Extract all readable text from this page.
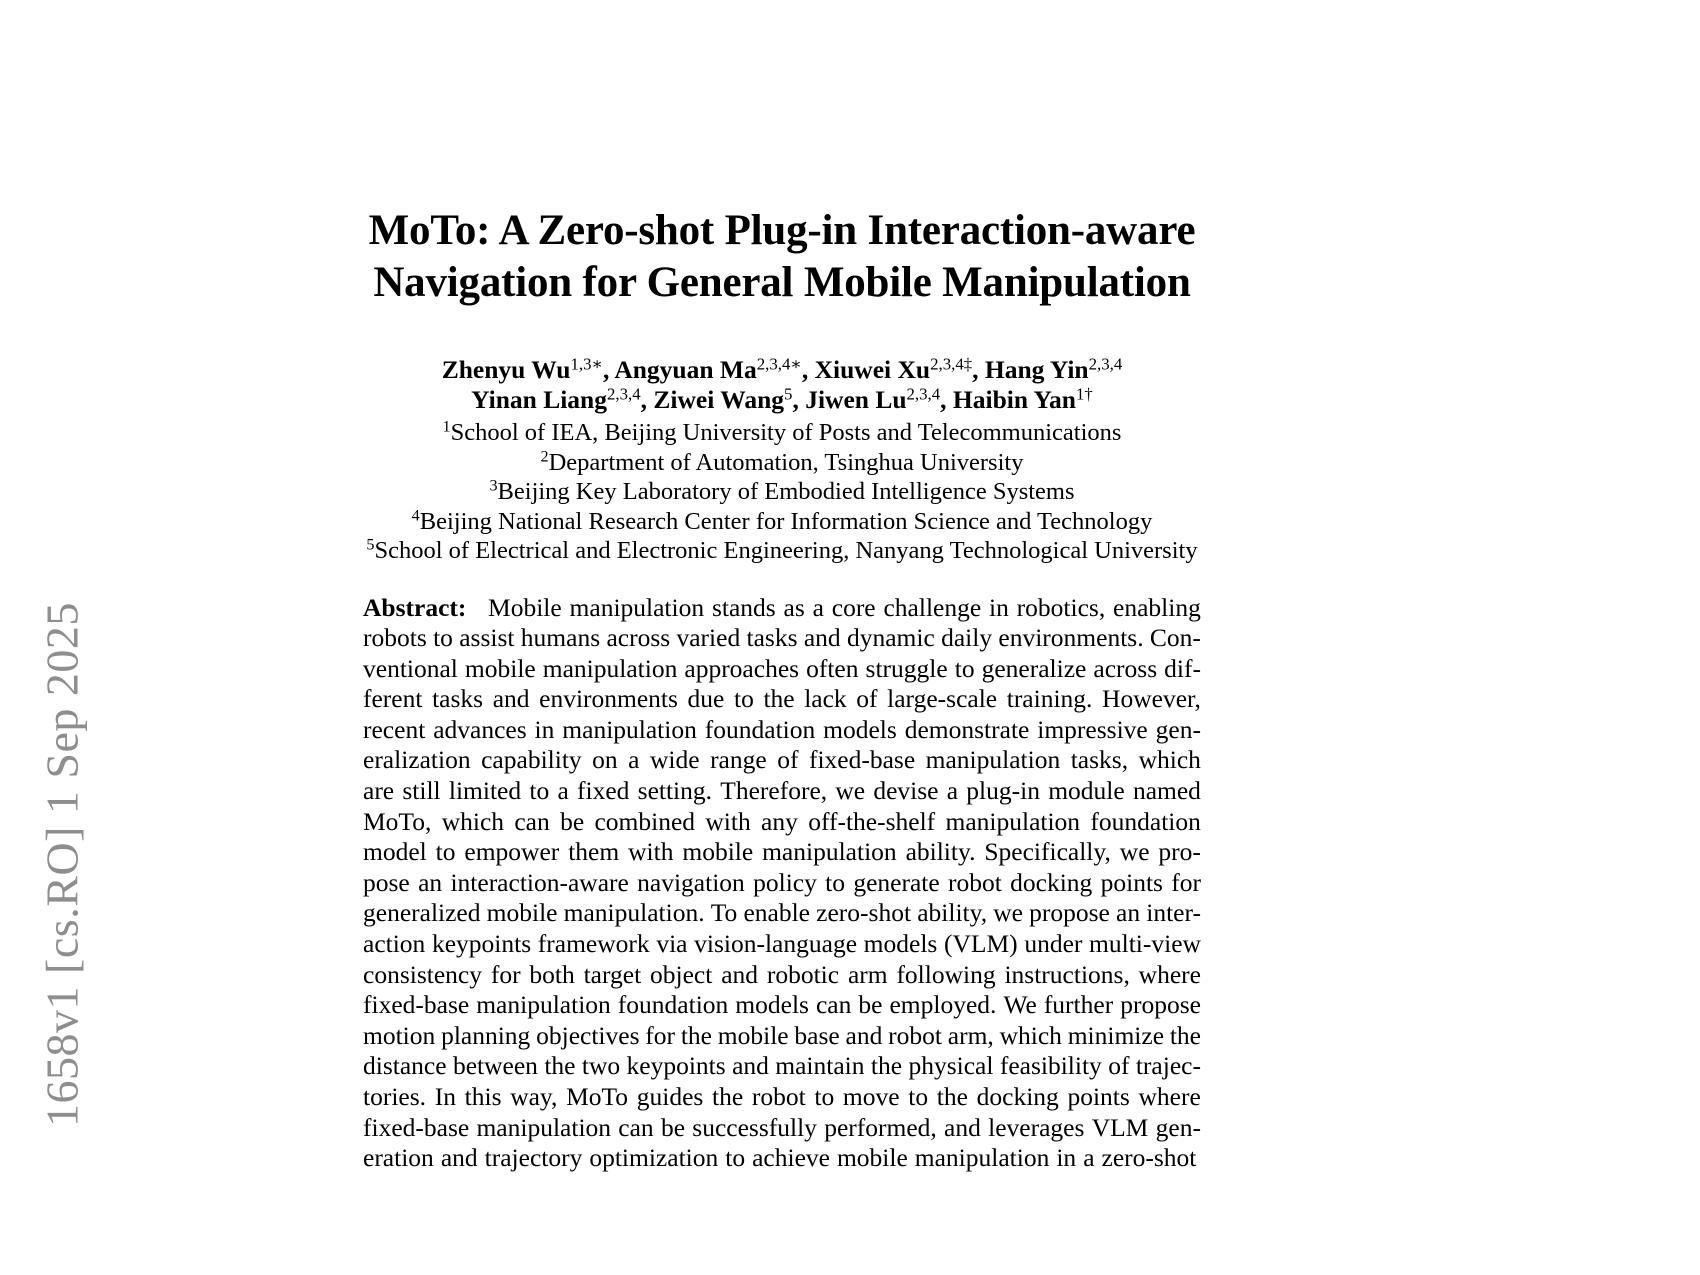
1658v1 [cs.RO] 1 Sep 2025
MoTo: A Zero-shot Plug-in Interaction-aware
Navigation for General Mobile Manipulation
Zhenyu $Wu^{1,3∗}$, Angyuan $Ma^{2,3,4∗}$, Xiuwei $Xu^{2,3,4\ddagger}$, Hang Yin$^{2,3,4}$
Yinan Liang$^{2,3,4}$, Ziwei Wang$^5$, Jiwen Lu$^{2,3,4}$, Haibin Yan$^{1\dagger}$
$^1$School of IEA, Beijing University of Posts and Telecommunications
$^2$Department of Automation, Tsinghua University
$^3$Beijing Key Laboratory of Embodied Intelligence Systems
$^4$Beijing National Research Center for Information Science and Technology
$^5$School of Electrical and Electronic Engineering, Nanyang Technological University
Abstract: Mobile manipulation stands as a core challenge in robotics, enabling
robots to assist humans across varied tasks and dynamic daily environments. Con-
ventional mobile manipulation approaches often struggle to generalize across dif-
ferent tasks and environments due to the lack of large-scale training. However,
recent advances in manipulation foundation models demonstrate impressive gen-
eralization capability on a wide range of fixed-base manipulation tasks, which
are still limited to a fixed setting. Therefore, we devise a plug-in module named
MoTo, which can be combined with any off-the-shelf manipulation foundation
model to empower them with mobile manipulation ability. Specifically, we pro-
pose an interaction-aware navigation policy to generate robot docking points for
generalized mobile manipulation. To enable zero-shot ability, we propose an inter-
action keypoints framework via vision-language models (VLM) under multi-view
consistency for both target object and robotic arm following instructions, where
fixed-base manipulation foundation models can be employed. We further propose
motion planning objectives for the mobile base and robot arm, which minimize the
distance between the two keypoints and maintain the physical feasibility of trajec-
tories. In this way, MoTo guides the robot to move to the docking points where
fixed-base manipulation can be successfully performed, and leverages VLM gen-
eration and trajectory optimization to achieve mobile manipulation in a zero-shot
